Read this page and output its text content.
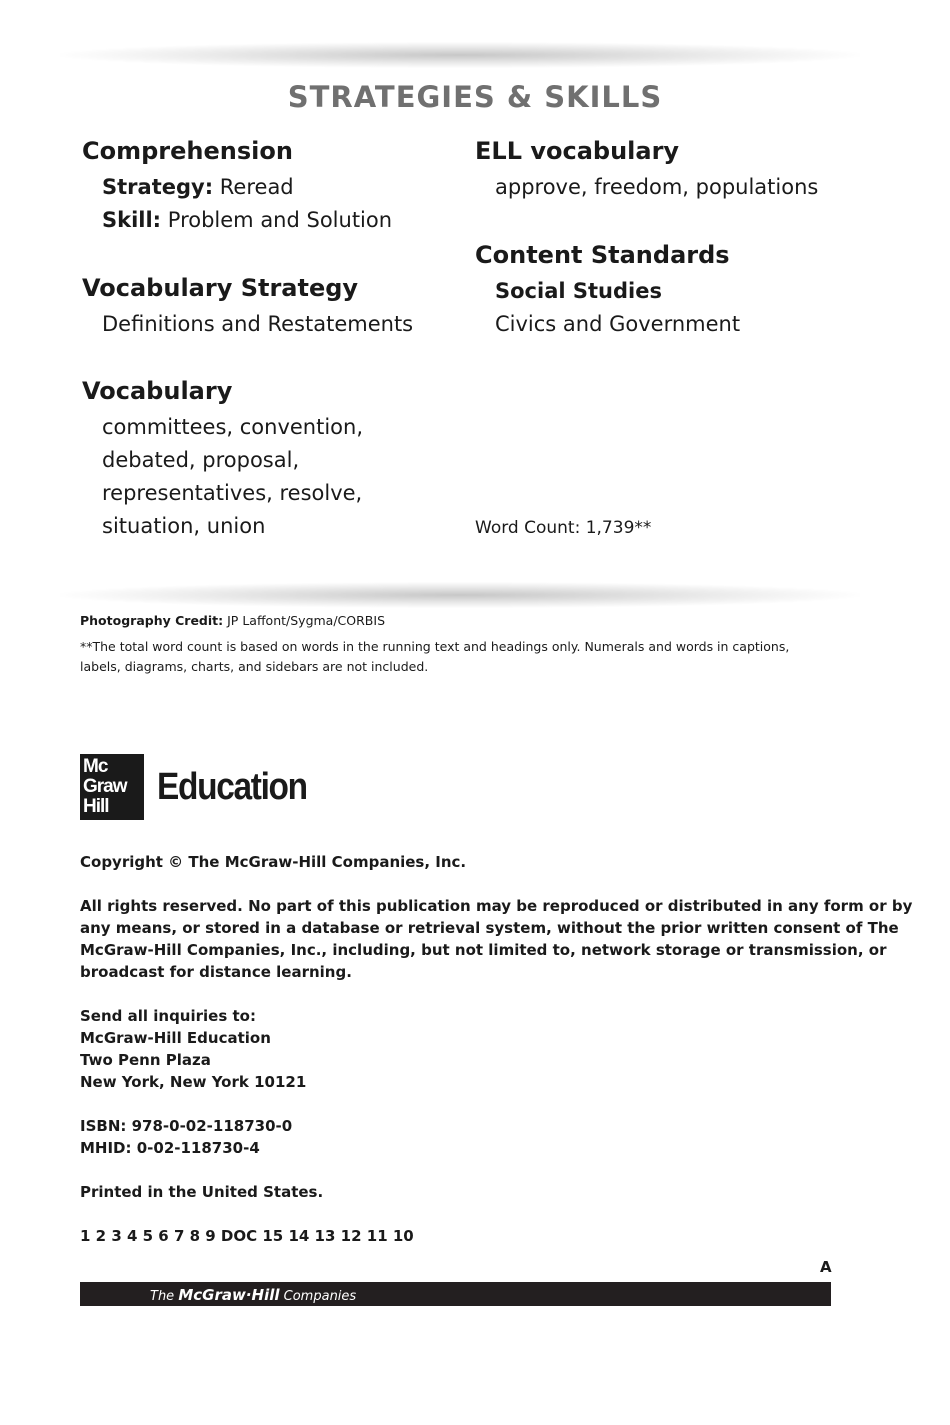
STRATEGIES & SKILLS
Comprehension
Strategy: Reread
Skill: Problem and Solution
Vocabulary Strategy
Definitions and Restatements
Vocabulary
committees, convention,
debated, proposal,
representatives, resolve,
situation, union
ELL vocabulary
approve, freedom, populations
Content Standards
Social Studies
Civics and Government
Word Count: 1,739**
Photography Credit: JP Laffont/Sygma/CORBIS
**The total word count is based on words in the running text and headings only. Numerals and words in captions, labels, diagrams, charts, and sidebars are not included.
Mc
Graw
Hill	Education
Copyright © The McGraw-Hill Companies, Inc.
All rights reserved. No part of this publication may be reproduced or distributed in any form or by
any means, or stored in a database or retrieval system, without the prior written consent of The
McGraw-Hill Companies, Inc., including, but not limited to, network storage or transmission, or
broadcast for distance learning.
Send all inquiries to:
McGraw-Hill Education
Two Penn Plaza
New York, New York 10121
ISBN: 978-0-02-118730-0
MHID: 0-02-118730-4
Printed in the United States.
1 2 3 4 5 6 7 8 9 DOC 15 14 13 12 11 10
A
The McGraw·Hill Companies
